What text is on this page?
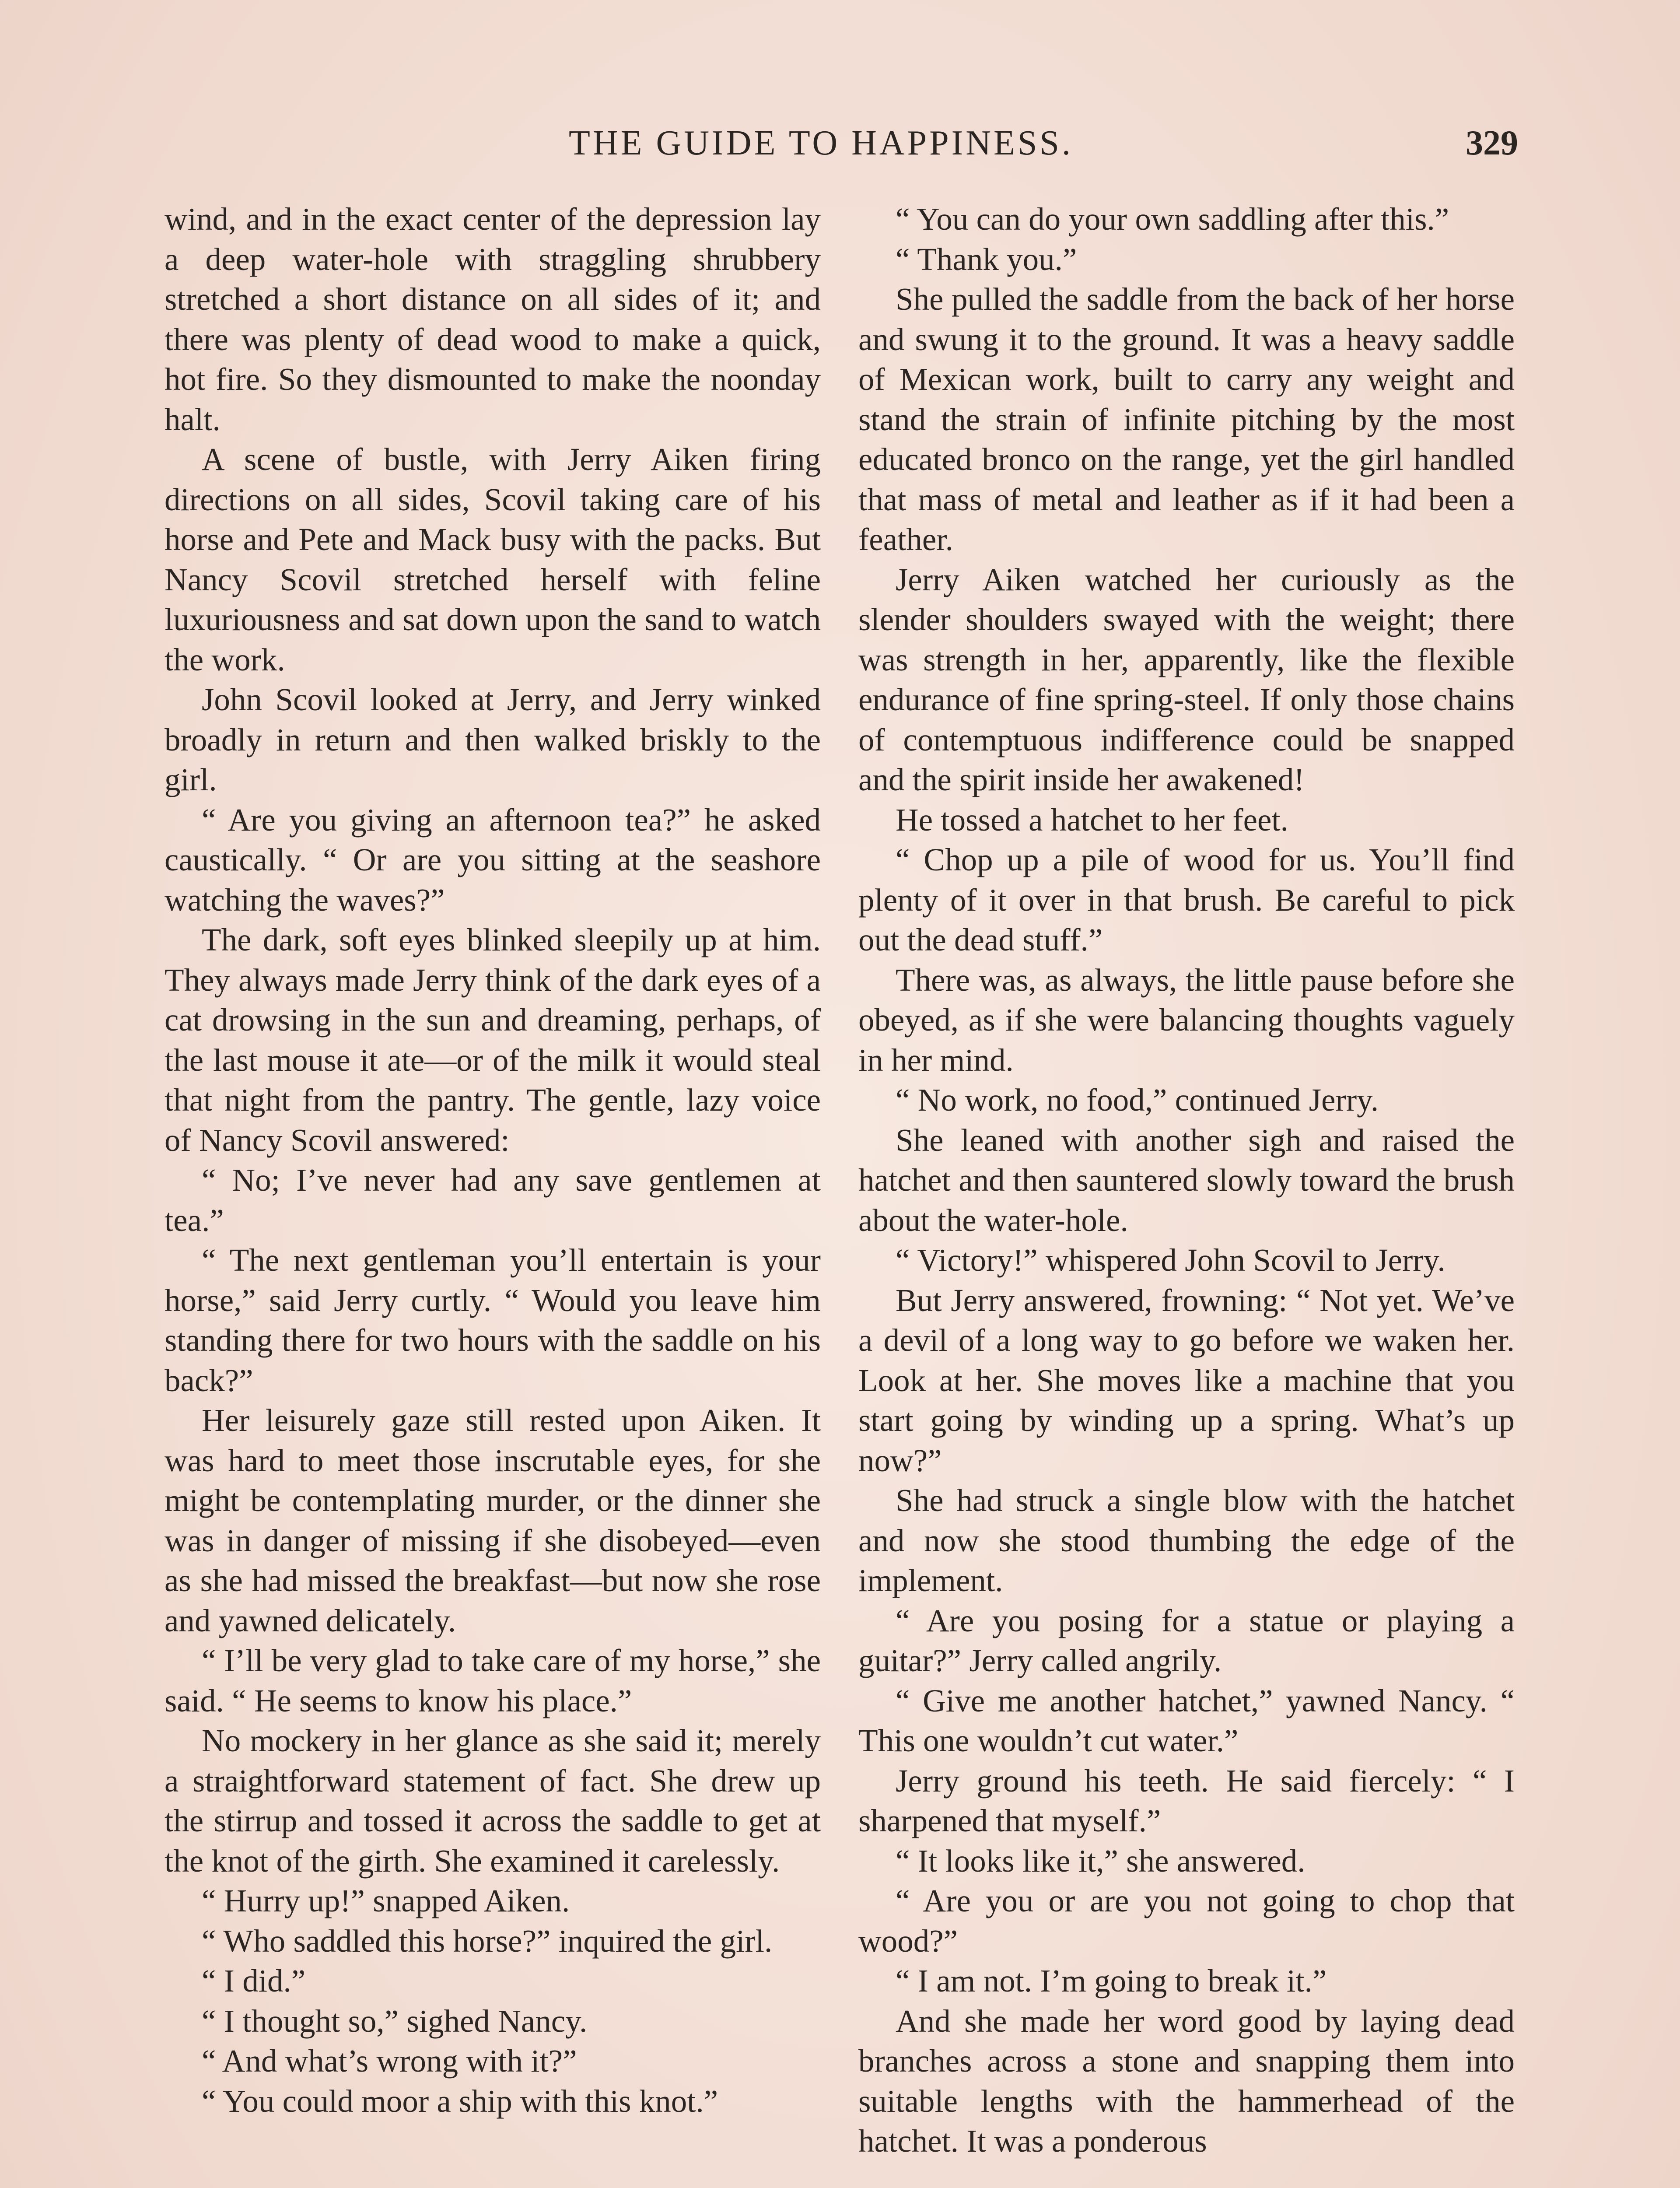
THE GUIDE TO HAPPINESS.	329

wind, and in the exact center of the depression lay a deep water-hole with straggling shrubbery stretched a short distance on all sides of it; and there was plenty of dead wood to make a quick, hot fire. So they dismounted to make the noonday halt.

A scene of bustle, with Jerry Aiken firing directions on all sides, Scovil taking care of his horse and Pete and Mack busy with the packs. But Nancy Scovil stretched herself with feline luxuriousness and sat down upon the sand to watch the work.

John Scovil looked at Jerry, and Jerry winked broadly in return and then walked briskly to the girl.

“ Are you giving an afternoon tea?” he asked caustically. “ Or are you sitting at the seashore watching the waves?”

The dark, soft eyes blinked sleepily up at him. They always made Jerry think of the dark eyes of a cat drowsing in the sun and dreaming, perhaps, of the last mouse it ate—or of the milk it would steal that night from the pantry. The gentle, lazy voice of Nancy Scovil answered:

“ No; I’ve never had any save gentlemen at tea.”

“ The next gentleman you’ll entertain is your horse,” said Jerry curtly. “ Would you leave him standing there for two hours with the saddle on his back?”

Her leisurely gaze still rested upon Aiken. It was hard to meet those inscrutable eyes, for she might be contemplating murder, or the dinner she was in danger of missing if she disobeyed—even as she had missed the breakfast—but now she rose and yawned delicately.

“ I’ll be very glad to take care of my horse,” she said. “ He seems to know his place.”

No mockery in her glance as she said it; merely a straightforward statement of fact. She drew up the stirrup and tossed it across the saddle to get at the knot of the girth. She examined it carelessly.

“ Hurry up!” snapped Aiken.

“ Who saddled this horse?” inquired the girl.

“ I did.”

“ I thought so,” sighed Nancy.

“ And what’s wrong with it?”

“ You could moor a ship with this knot.”

“ You can do your own saddling after this.”

“ Thank you.”

She pulled the saddle from the back of her horse and swung it to the ground. It was a heavy saddle of Mexican work, built to carry any weight and stand the strain of infinite pitching by the most educated bronco on the range, yet the girl handled that mass of metal and leather as if it had been a feather.

Jerry Aiken watched her curiously as the slender shoulders swayed with the weight; there was strength in her, apparently, like the flexible endurance of fine spring-steel. If only those chains of contemptuous indifference could be snapped and the spirit inside her awakened!

He tossed a hatchet to her feet.

“ Chop up a pile of wood for us. You’ll find plenty of it over in that brush. Be careful to pick out the dead stuff.”

There was, as always, the little pause before she obeyed, as if she were balancing thoughts vaguely in her mind.

“ No work, no food,” continued Jerry.

She leaned with another sigh and raised the hatchet and then sauntered slowly toward the brush about the water-hole.

“ Victory!” whispered John Scovil to Jerry.

But Jerry answered, frowning: “ Not yet. We’ve a devil of a long way to go before we waken her. Look at her. She moves like a machine that you start going by winding up a spring. What’s up now?”

She had struck a single blow with the hatchet and now she stood thumbing the edge of the implement.

“ Are you posing for a statue or playing a guitar?” Jerry called angrily.

“ Give me another hatchet,” yawned Nancy. “ This one wouldn’t cut water.”

Jerry ground his teeth. He said fiercely: “ I sharpened that myself.”

“ It looks like it,” she answered.

“ Are you or are you not going to chop that wood?”

“ I am not. I’m going to break it.”

And she made her word good by laying dead branches across a stone and snapping them into suitable lengths with the hammerhead of the hatchet. It was a ponderous
